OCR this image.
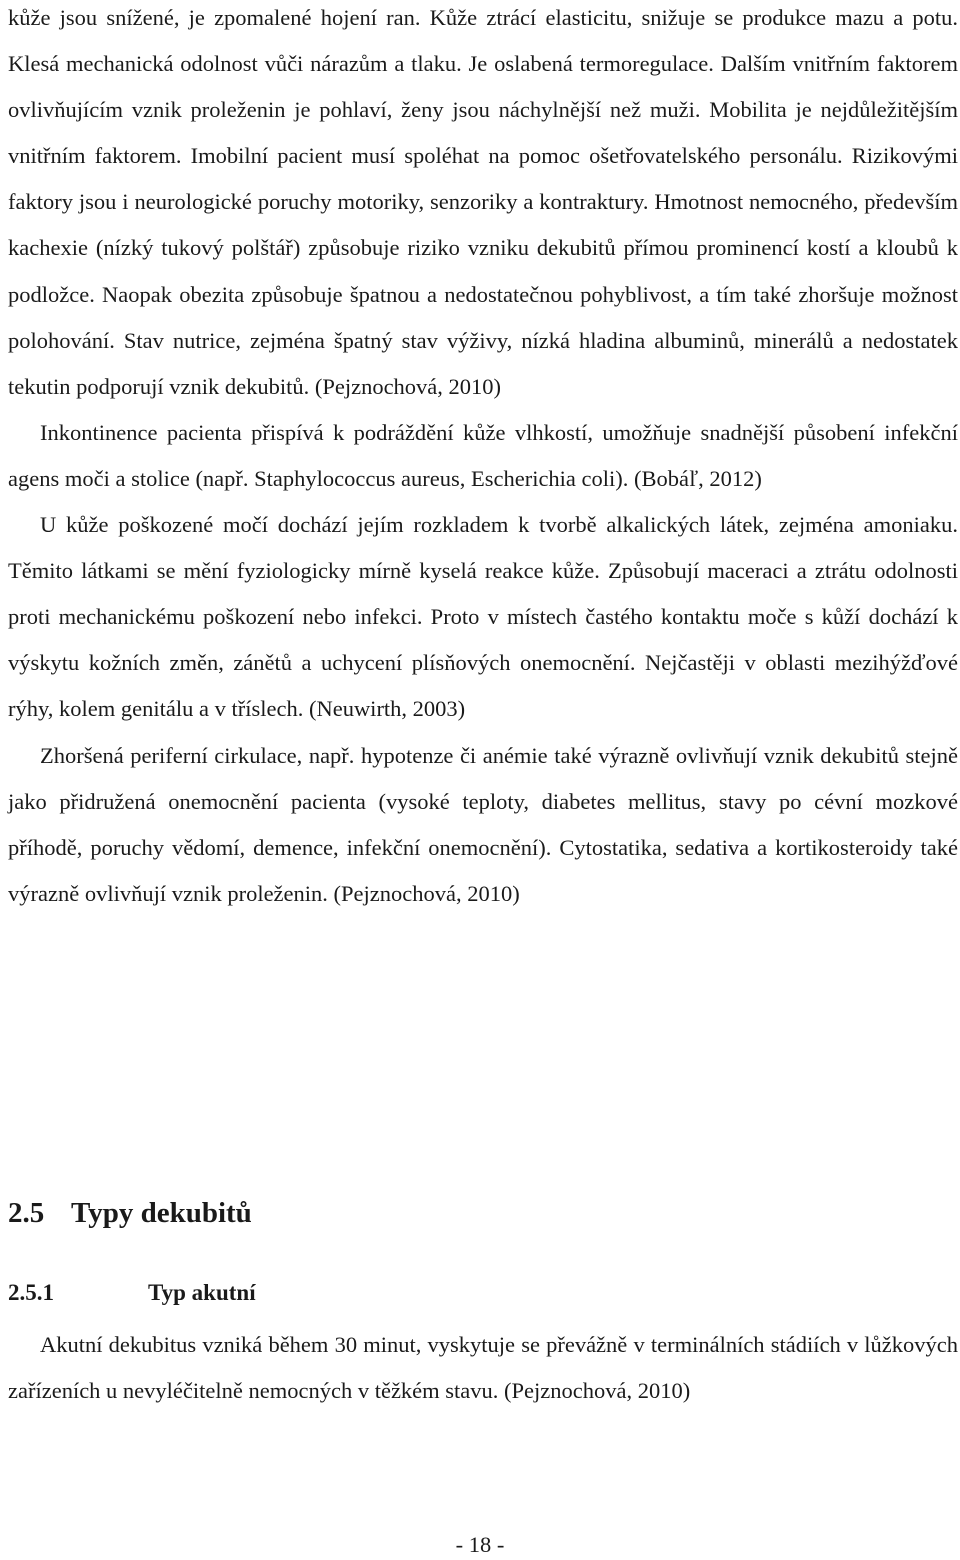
kůže jsou snížené, je zpomalené hojení ran. Kůže ztrácí elasticitu, snižuje se produkce mazu a potu. Klesá mechanická odolnost vůči nárazům a tlaku. Je oslabená termoregulace. Dalším vnitřním faktorem ovlivňujícím vznik proleženin je pohlaví, ženy jsou náchylnější než muži. Mobilita je nejdůležitějším vnitřním faktorem. Imobilní pacient musí spoléhat na pomoc ošetřovatelského personálu. Rizikovými faktory jsou i neurologické poruchy motoriky, senzoriky a kontraktury. Hmotnost nemocného, především kachexie (nízký tukový polštář) způsobuje riziko vzniku dekubitů přímou prominencí kostí a kloubů k podložce. Naopak obezita způsobuje špatnou a nedostatečnou pohyblivost, a tím také zhoršuje možnost polohování. Stav nutrice, zejména špatný stav výživy, nízká hladina albuminů, minerálů a nedostatek tekutin podporují vznik dekubitů. (Pejznochová, 2010)

Inkontinence pacienta přispívá k podráždění kůže vlhkostí, umožňuje snadnější působení infekční agens moči a stolice (např. Staphylococcus aureus, Escherichia coli). (Bobáľ, 2012)

U kůže poškozené močí dochází jejím rozkladem k tvorbě alkalických látek, zejména amoniaku. Těmito látkami se mění fyziologicky mírně kyselá reakce kůže. Způsobují maceraci a ztrátu odolnosti proti mechanickému poškození nebo infekci. Proto v místech častého kontaktu moče s kůží dochází k výskytu kožních změn, zánětů a uchycení plísňových onemocnění. Nejčastěji v oblasti mezihýžďové rýhy, kolem genitálu a v tříslech. (Neuwirth, 2003)

Zhoršená periferní cirkulace, např. hypotenze či anémie také výrazně ovlivňují vznik dekubitů stejně jako přidružená onemocnění pacienta (vysoké teploty, diabetes mellitus, stavy po cévní mozkové příhodě, poruchy vědomí, demence, infekční onemocnění). Cytostatika, sedativa a kortikosteroidy také výrazně ovlivňují vznik proleženin. (Pejznochová, 2010)

2.5 Typy dekubitů
2.5.1	Typ akutní

Akutní dekubitus vzniká během 30 minut, vyskytuje se převážně v terminálních stádiích v lůžkových zařízeních u nevyléčitelně nemocných v těžkém stavu. (Pejznochová, 2010)

- 18 -
